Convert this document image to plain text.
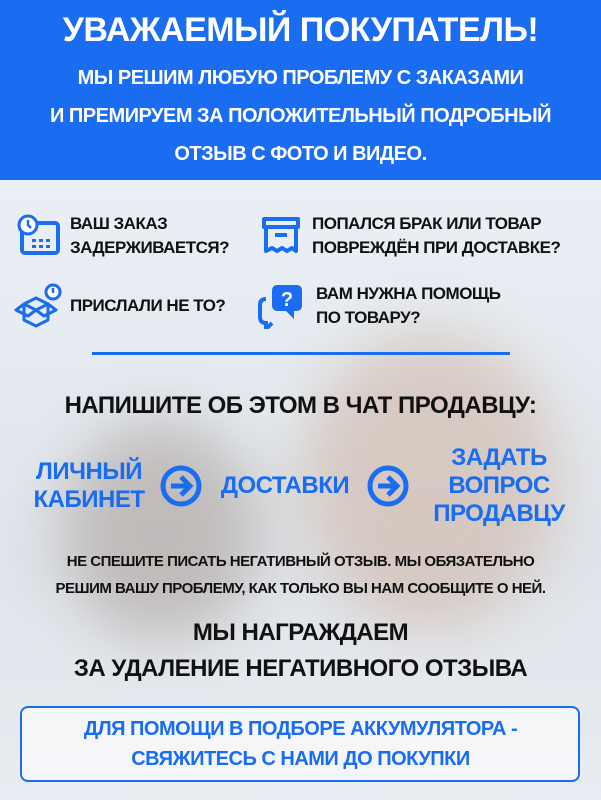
УВАЖАЕМЫЙ ПОКУПАТЕЛЬ!
МЫ РЕШИМ ЛЮБУЮ ПРОБЛЕМУ С ЗАКАЗАМИ
И ПРЕМИРУЕМ ЗА ПОЛОЖИТЕЛЬНЫЙ ПОДРОБНЫЙ
ОТЗЫВ С ФОТО И ВИДЕО.
ВАШ ЗАКАЗ
ЗАДЕРЖИВАЕТСЯ?
ПОПАЛСЯ БРАК ИЛИ ТОВАР
ПОВРЕЖДЁН ПРИ ДОСТАВКЕ?
ПРИСЛАЛИ НЕ ТО?	? ВАМ НУЖНА ПОМОЩЬ
ПО ТОВАРУ?
НАПИШИТЕ ОБ ЭТОМ В ЧАТ ПРОДАВЦУ:
ЛИЧНЫЙ
КАБИНЕТ
ДОСТАВКИ
ЗАДАТЬ
ВОПРОС
ПРОДАВЦУ
НЕ СПЕШИТЕ ПИСАТЬ НЕГАТИВНЫЙ ОТЗЫВ. МЫ ОБЯЗАТЕЛЬНО
РЕШИМ ВАШУ ПРОБЛЕМУ, КАК ТОЛЬКО ВЫ НАМ СООБЩИТЕ О НЕЙ.
МЫ НАГРАЖДАЕМ
ЗА УДАЛЕНИЕ НЕГАТИВНОГО ОТЗЫВА
ДЛЯ ПОМОЩИ В ПОДБОРЕ АККУМУЛЯТОРА -
СВЯЖИТЕСЬ С НАМИ ДО ПОКУПКИ
